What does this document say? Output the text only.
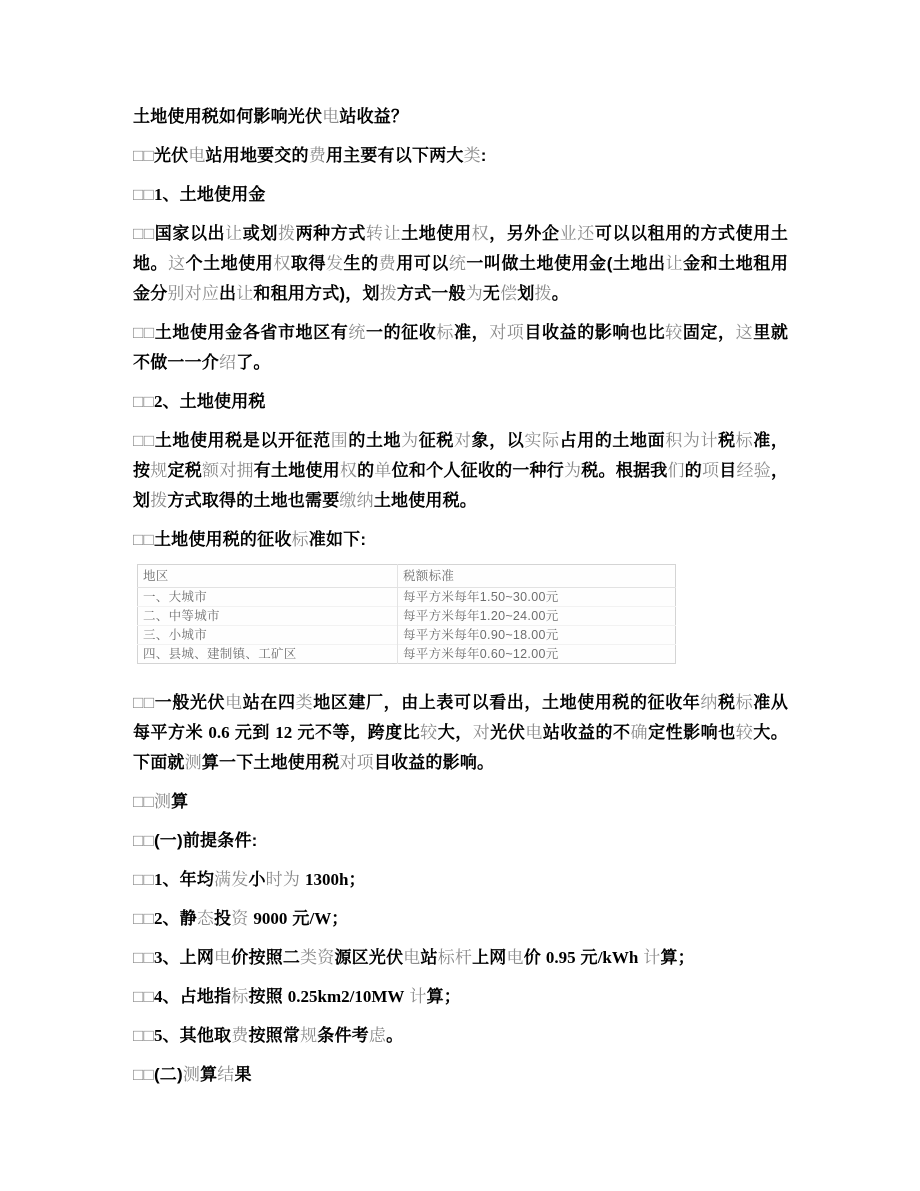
土地使用税如何影响光伏电站收益？

□□光伏电站用地要交的费用主要有以下两大类:

□□1、土地使用金

□□国家以出让或划拨两种方式转让土地使用权，另外企业还可以以租用的方式使用土地。这个土地使用权取得发生的费用可以统一叫做土地使用金(土地出让金和土地租用金分别对应出让和租用方式)，划拨方式一般为无偿划拨。

□□土地使用金各省市地区有统一的征收标准，对项目收益的影响也比较固定，这里就不做一一介绍了。

□□2、土地使用税

□□土地使用税是以开征范围的土地为征税对象，以实际占用的土地面积为计税标准，按规定税额对拥有土地使用权的单位和个人征收的一种行为税。根据我们的项目经验，划拨方式取得的土地也需要缴纳土地使用税。

□□土地使用税的征收标准如下:

地区	税额标准
一、大城市	每平方米每年1.50~30.00元
二、中等城市	每平方米每年1.20~24.00元
三、小城市	每平方米每年0.90~18.00元
四、县城、建制镇、工矿区	每平方米每年0.60~12.00元

□□一般光伏电站在四类地区建厂，由上表可以看出，土地使用税的征收年纳税标准从每平方米 0.6 元到 12 元不等，跨度比较大，对光伏电站收益的不确定性影响也较大。下面就测算一下土地使用税对项目收益的影响。

□□测算

□□(一)前提条件:

□□1、年均满发小时为 1300h；

□□2、静态投资 9000 元/W；

□□3、上网电价按照二类资源区光伏电站标杆上网电价 0.95 元/kWh 计算；

□□4、占地指标按照 0.25km2/10MW 计算；

□□5、其他取费按照常规条件考虑。

□□(二)测算结果
